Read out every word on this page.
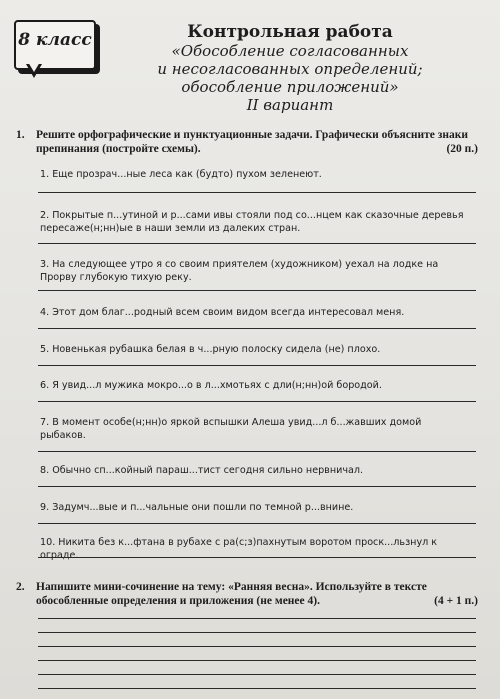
8 класс	Контрольная работа
«Обособление согласованных
и несогласованных определений;
обособление приложений»
II вариант
1. Решите орфографические и пунктуационные задачи. Графически объясните знаки препинания (постройте схемы).	(20 п.)
1. Еще прозрач...ные леса как (будто) пухом зеленеют.
2. Покрытые п...утиной и р...сами ивы стояли под со...нцем как сказочные деревья пересаже(н;нн)ые в наши земли из далеких стран.
3. На следующее утро я со своим приятелем (художником) уехал на лодке на Прорву глубокую тихую реку.
4. Этот дом благ...родный всем своим видом всегда интересовал меня.
5. Новенькая рубашка белая в ч...рную полоску сидела (не) плохо.
6. Я увид...л мужика мокро...о в л...хмотьях с дли(н;нн)ой бородой.
7. В момент особе(н;нн)о яркой вспышки Алеша увид...л б...жавших домой рыбаков.
8. Обычно сп...койный параш...тист сегодня сильно нервничал.
9. Задумч...вые и п...чальные они пошли по темной р...внине.
10. Никита без к...фтана в рубахе с ра(с;з)пахнутым воротом проск...льзнул к ограде.
2. Напишите мини-сочинение на тему: «Ранняя весна». Используйте в тексте обособленные определения и приложения (не менее 4).	(4 + 1 п.)
